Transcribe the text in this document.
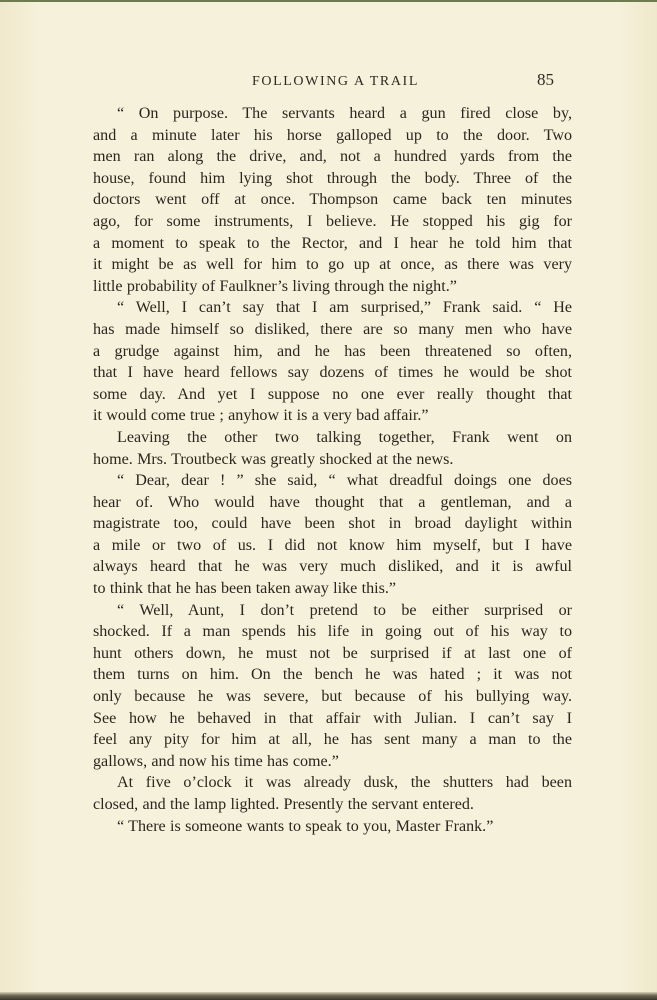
FOLLOWING A TRAIL	85
“ On purpose. The servants heard a gun fired close by,
and a minute later his horse galloped up to the door. Two
men ran along the drive, and, not a hundred yards from the
house, found him lying shot through the body. Three of the
doctors went off at once. Thompson came back ten minutes
ago, for some instruments, I believe. He stopped his gig for
a moment to speak to the Rector, and I hear he told him that
it might be as well for him to go up at once, as there was very
little probability of Faulkner’s living through the night.”
“ Well, I can’t say that I am surprised,” Frank said. “ He
has made himself so disliked, there are so many men who have
a grudge against him, and he has been threatened so often,
that I have heard fellows say dozens of times he would be shot
some day. And yet I suppose no one ever really thought that
it would come true ; anyhow it is a very bad affair.”
Leaving the other two talking together, Frank went on
home. Mrs. Troutbeck was greatly shocked at the news.
“ Dear, dear ! ” she said, “ what dreadful doings one does
hear of. Who would have thought that a gentleman, and a
magistrate too, could have been shot in broad daylight within
a mile or two of us. I did not know him myself, but I have
always heard that he was very much disliked, and it is awful
to think that he has been taken away like this.”
“ Well, Aunt, I don’t pretend to be either surprised or
shocked. If a man spends his life in going out of his way to
hunt others down, he must not be surprised if at last one of
them turns on him. On the bench he was hated ; it was not
only because he was severe, but because of his bullying way.
See how he behaved in that affair with Julian. I can’t say I
feel any pity for him at all, he has sent many a man to the
gallows, and now his time has come.”
At five o’clock it was already dusk, the shutters had been
closed, and the lamp lighted. Presently the servant entered.
“ There is someone wants to speak to you, Master Frank.”
